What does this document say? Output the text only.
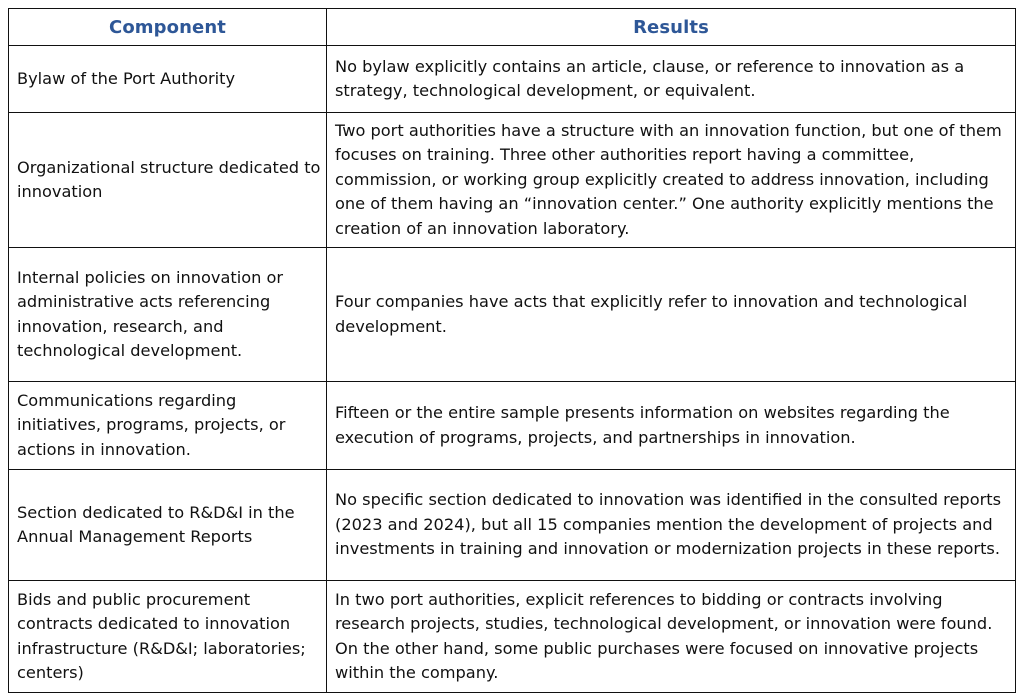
Component	Results
Bylaw of the Port Authority	No bylaw explicitly contains an article, clause, or reference to innovation as a strategy, technological development, or equivalent.
Organizational structure dedicated to innovation	Two port authorities have a structure with an innovation function, but one of them focuses on training. Three other authorities report having a committee, commission, or working group explicitly created to address innovation, including one of them having an “innovation center.” One authority explicitly mentions the creation of an innovation laboratory.
Internal policies on innovation or administrative acts referencing innovation, research, and technological development.	Four companies have acts that explicitly refer to innovation and technological development.
Communications regarding initiatives, programs, projects, or actions in innovation.	Fifteen or the entire sample presents information on websites regarding the execution of programs, projects, and partnerships in innovation.
Section dedicated to R&D&I in the Annual Management Reports	No specific section dedicated to innovation was identified in the consulted reports (2023 and 2024), but all 15 companies mention the development of projects and investments in training and innovation or modernization projects in these reports.
Bids and public procurement contracts dedicated to innovation infrastructure (R&D&I; laboratories; centers)	In two port authorities, explicit references to bidding or contracts involving research projects, studies, technological development, or innovation were found. On the other hand, some public purchases were focused on innovative projects within the company.
